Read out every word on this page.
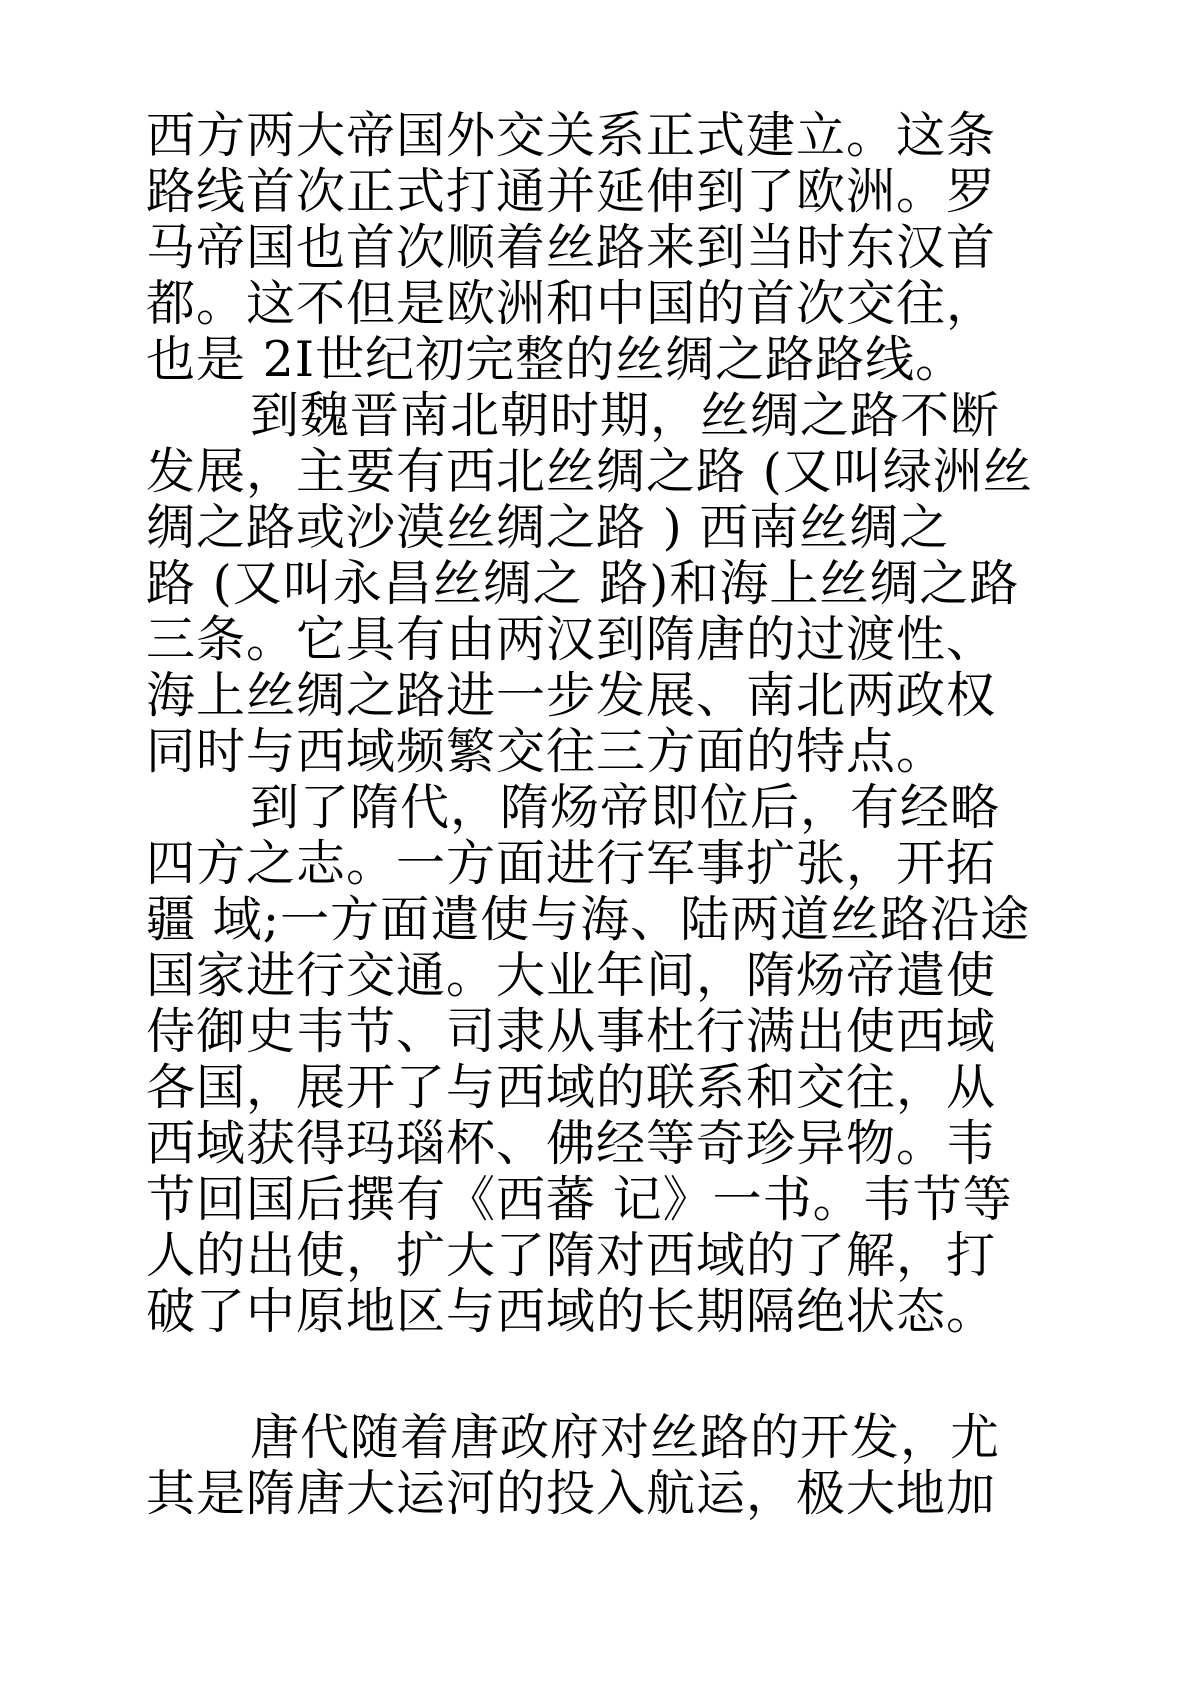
西方两大帝国外交关系正式建立。这条
路线首次正式打通并延伸到了欧洲。罗
马帝国也首次顺着丝路来到当时东汉首
都。这不但是欧洲和中国的首次交往，
也是 2I世纪初完整的丝绸之路路线。
到魏晋南北朝时期，丝绸之路不断
发展，主要有西北丝绸之路 (又叫绿洲丝
绸之路或沙漠丝绸之路 ) 西南丝绸之
路 (又叫永昌丝绸之 路)和海上丝绸之路
三条。它具有由两汉到隋唐的过渡性、
海上丝绸之路进一步发展、南北两政权
同时与西域频繁交往三方面的特点。
到了隋代，隋炀帝即位后，有经略
四方之志。一方面进行军事扩张，开拓
疆 域;一方面遣使与海、陆两道丝路沿途
国家进行交通。大业年间，隋炀帝遣使
侍御史韦节、司隶从事杜行满出使西域
各国，展开了与西域的联系和交往，从
西域获得玛瑙杯、佛经等奇珍异物。韦
节回国后撰有《西蕃 记》一书。韦节等
人的出使，扩大了隋对西域的了解，打
破了中原地区与西域的长期隔绝状态。
唐代随着唐政府对丝路的开发，尤
其是隋唐大运河的投入航运，极大地加
